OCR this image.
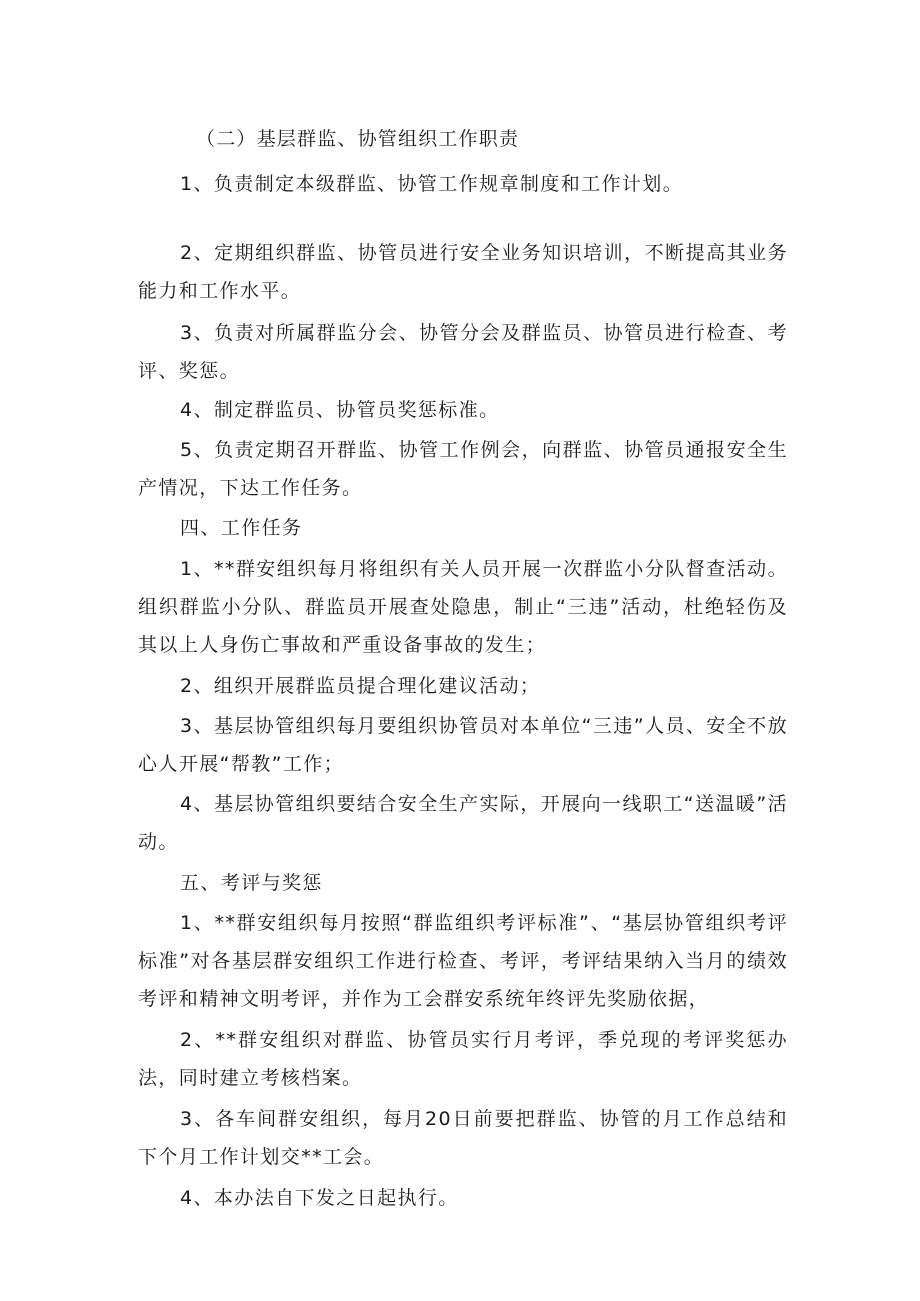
（二）基层群监、协管组织工作职责

1、负责制定本级群监、协管工作规章制度和工作计划。

2、定期组织群监、协管员进行安全业务知识培训，不断提高其业务能力和工作水平。

3、负责对所属群监分会、协管分会及群监员、协管员进行检查、考评、奖惩。

4、制定群监员、协管员奖惩标准。

5、负责定期召开群监、协管工作例会，向群监、协管员通报安全生产情况，下达工作任务。

四、工作任务

1、**群安组织每月将组织有关人员开展一次群监小分队督查活动。组织群监小分队、群监员开展查处隐患，制止“三违”活动，杜绝轻伤及其以上人身伤亡事故和严重设备事故的发生；

2、组织开展群监员提合理化建议活动；

3、基层协管组织每月要组织协管员对本单位“三违”人员、安全不放心人开展“帮教”工作；

4、基层协管组织要结合安全生产实际，开展向一线职工“送温暖”活动。

五、考评与奖惩

1、**群安组织每月按照“群监组织考评标准”、“基层协管组织考评标准”对各基层群安组织工作进行检查、考评，考评结果纳入当月的绩效考评和精神文明考评，并作为工会群安系统年终评先奖励依据，

2、**群安组织对群监、协管员实行月考评，季兑现的考评奖惩办法，同时建立考核档案。

3、各车间群安组织，每月20日前要把群监、协管的月工作总结和下个月工作计划交**工会。

4、本办法自下发之日起执行。
